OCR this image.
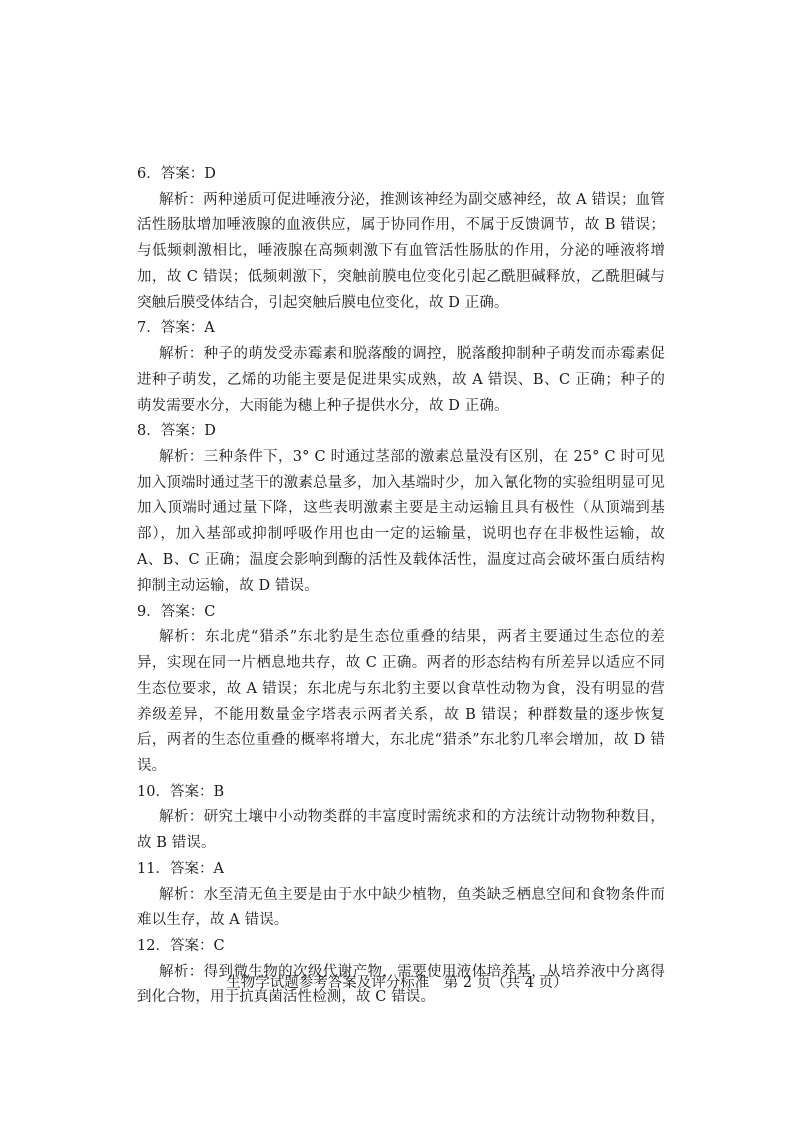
6．答案：D
解析：两种递质可促进唾液分泌，推测该神经为副交感神经，故 A 错误；血管活性肠肽增加唾液腺的血液供应，属于协同作用，不属于反馈调节，故 B 错误；与低频刺激相比，唾液腺在高频刺激下有血管活性肠肽的作用，分泌的唾液将增加，故 C 错误；低频刺激下，突触前膜电位变化引起乙酰胆碱释放，乙酰胆碱与突触后膜受体结合，引起突触后膜电位变化，故 D 正确。
7．答案：A
解析：种子的萌发受赤霉素和脱落酸的调控，脱落酸抑制种子萌发而赤霉素促进种子萌发，乙烯的功能主要是促进果实成熟，故 A 错误、B、C 正确；种子的萌发需要水分，大雨能为穗上种子提供水分，故 D 正确。
8．答案：D
解析：三种条件下，3° C 时通过茎部的激素总量没有区别，在 25° C 时可见加入顶端时通过茎干的激素总量多，加入基端时少，加入氰化物的实验组明显可见加入顶端时通过量下降，这些表明激素主要是主动运输且具有极性（从顶端到基部），加入基部或抑制呼吸作用也由一定的运输量，说明也存在非极性运输，故 A、B、C 正确；温度会影响到酶的活性及载体活性，温度过高会破坏蛋白质结构抑制主动运输，故 D 错误。
9．答案：C
解析：东北虎“猎杀”东北豹是生态位重叠的结果，两者主要通过生态位的差异，实现在同一片栖息地共存，故 C 正确。两者的形态结构有所差异以适应不同生态位要求，故 A 错误；东北虎与东北豹主要以食草性动物为食，没有明显的营养级差异，不能用数量金字塔表示两者关系，故 B 错误；种群数量的逐步恢复后，两者的生态位重叠的概率将增大，东北虎“猎杀”东北豹几率会增加，故 D 错误。
10．答案：B
解析：研究土壤中小动物类群的丰富度时需统求和的方法统计动物物种数目，故 B 错误。
11．答案：A
解析：水至清无鱼主要是由于水中缺少植物，鱼类缺乏栖息空间和食物条件而难以生存，故 A 错误。
12．答案：C
解析：得到微生物的次级代谢产物，需要使用液体培养基，从培养液中分离得到化合物，用于抗真菌活性检测，故 C 错误。
生物学试题参考答案及评分标准　第 2 页（共 4 页）
